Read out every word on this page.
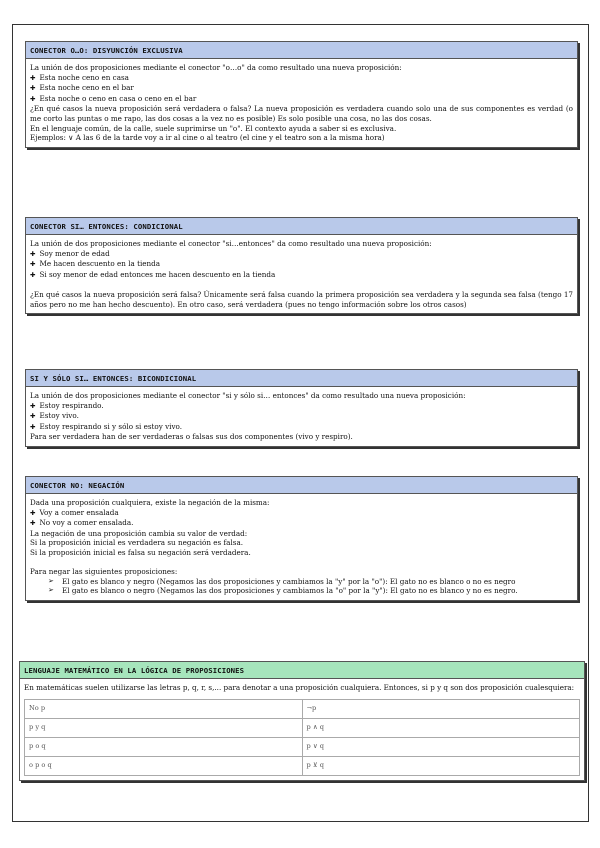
CONECTOR O…O: DISYUNCIÓN EXCLUSIVA
La unión de dos proposiciones mediante el conector "o…o" da como resultado una nueva proposición:
✚ Esta noche ceno en casa
✚ Esta noche ceno en el bar
✚ Esta noche o ceno en casa o ceno en el bar
¿En qué casos la nueva proposición será verdadera o falsa? La nueva proposición es verdadera cuando solo una de sus componentes es verdad (o me corto las puntas o me rapo, las dos cosas a la vez no es posible) Es solo posible una cosa, no las dos cosas.
En el lenguaje común, de la calle, suele suprimirse un "o". El contexto ayuda a saber si es exclusiva.
Ejemplos: ∨ A las 6 de la tarde voy a ir al cine o al teatro (el cine y el teatro son a la misma hora)
CONECTOR SI… ENTONCES: CONDICIONAL
La unión de dos proposiciones mediante el conector "si…entonces" da como resultado una nueva proposición:
✚ Soy menor de edad
✚ Me hacen descuento en la tienda
✚ Si soy menor de edad entonces me hacen descuento en la tienda
¿En qué casos la nueva proposición será falsa? Únicamente será falsa cuando la primera proposición sea verdadera y la segunda sea falsa (tengo 17 años pero no me han hecho descuento). En otro caso, será verdadera (pues no tengo información sobre los otros casos)
SI Y SÓLO SI… ENTONCES: BICONDICIONAL
La unión de dos proposiciones mediante el conector "si y sólo si… entonces" da como resultado una nueva proposición:
✚ Estoy respirando.
✚ Estoy vivo.
✚ Estoy respirando si y sólo si estoy vivo.
Para ser verdadera han de ser verdaderas o falsas sus dos componentes (vivo y respiro).
CONECTOR NO: NEGACIÓN
Dada una proposición cualquiera, existe la negación de la misma:
✚ Voy a comer ensalada
✚ No voy a comer ensalada.
La negación de una proposición cambia su valor de verdad:
Si la proposición inicial es verdadera su negación es falsa.
Si la proposición inicial es falsa su negación será verdadera.
Para negar las siguientes proposiciones:
➢	El gato es blanco y negro (Negamos las dos proposiciones y cambiamos la "y" por la "o"): El gato no es blanco o no es negro
➢	El gato es blanco o negro (Negamos las dos proposiciones y cambiamos la "o" por la "y"): El gato no es blanco y no es negro.
LENGUAJE MATEMÁTICO EN LA LÓGICA DE PROPOSICIONES
En matemáticas suelen utilizarse las letras p, q, r, s,... para denotar a una proposición cualquiera. Entonces, si p y q son dos proposición cualesquiera:
No p	¬p
p y q	p ∧ q
p o q	p ∨ q
o p o q	p ⊻ q
